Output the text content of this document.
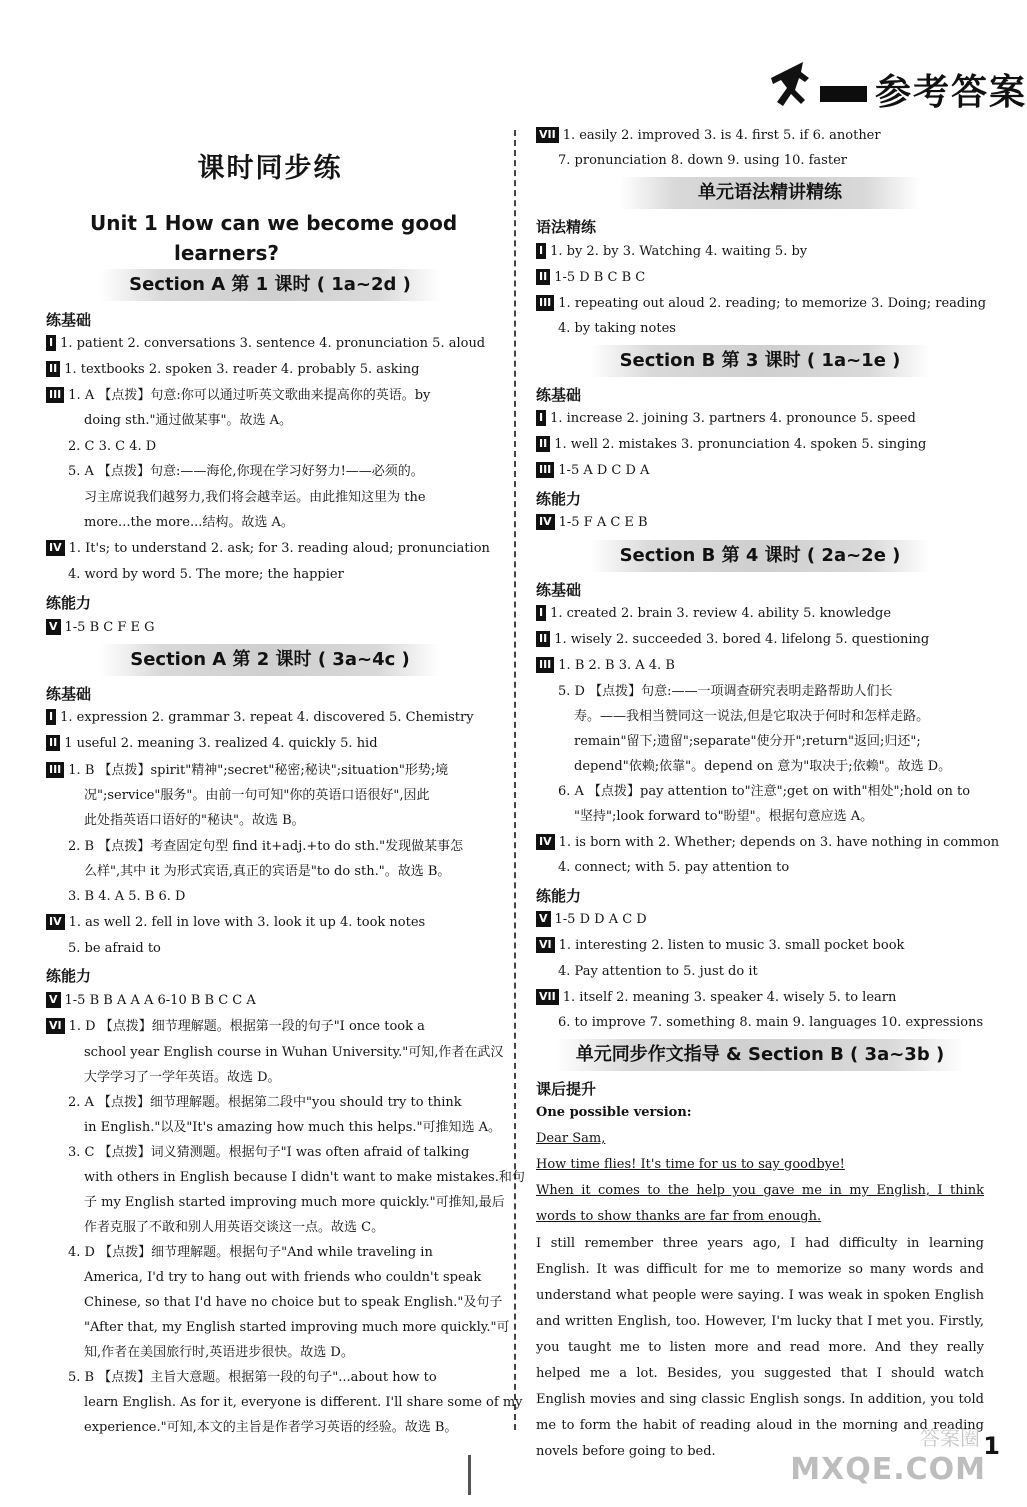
参考答案
课时同步练
Unit 1 How can we become good
learners?
Section A 第 1 课时 ( 1a~2d )
练基础
I 1. patient 2. conversations 3. sentence 4. pronunciation 5. aloud
II 1. textbooks 2. spoken 3. reader 4. probably 5. asking
III 1. A 【点拨】句意:你可以通过听英文歌曲来提高你的英语。by
doing sth."通过做某事"。故选 A。
2. C 3. C 4. D
5. A 【点拨】句意:——海伦,你现在学习好努力!——必须的。
习主席说我们越努力,我们将会越幸运。由此推知这里为 the
more...the more...结构。故选 A。
IV 1. It's; to understand 2. ask; for 3. reading aloud; pronunciation
4. word by word 5. The more; the happier
练能力
V 1-5 B C F E G
Section A 第 2 课时 ( 3a~4c )
练基础
I 1. expression 2. grammar 3. repeat 4. discovered 5. Chemistry
II 1 useful 2. meaning 3. realized 4. quickly 5. hid
III 1. B 【点拨】spirit"精神";secret"秘密;秘诀";situation"形势;境
况";service"服务"。由前一句可知"你的英语口语很好",因此
此处指英语口语好的"秘诀"。故选 B。
2. B 【点拨】考查固定句型 find it+adj.+to do sth."发现做某事怎
么样",其中 it 为形式宾语,真正的宾语是"to do sth."。故选 B。
3. B 4. A 5. B 6. D
IV 1. as well 2. fell in love with 3. look it up 4. took notes
5. be afraid to
练能力
V 1-5 B B A A A 6-10 B B C C A
VI 1. D 【点拨】细节理解题。根据第一段的句子"I once took a
school year English course in Wuhan University."可知,作者在武汉
大学学习了一学年英语。故选 D。
2. A 【点拨】细节理解题。根据第二段中"you should try to think
in English."以及"It's amazing how much this helps."可推知选 A。
3. C 【点拨】词义猜测题。根据句子"I was often afraid of talking
with others in English because I didn't want to make mistakes.和句
子 my English started improving much more quickly."可推知,最后
作者克服了不敢和别人用英语交谈这一点。故选 C。
4. D 【点拨】细节理解题。根据句子"And while traveling in
America, I'd try to hang out with friends who couldn't speak
Chinese, so that I'd have no choice but to speak English."及句子
"After that, my English started improving much more quickly."可
知,作者在美国旅行时,英语进步很快。故选 D。
5. B 【点拨】主旨大意题。根据第一段的句子"...about how to
learn English. As for it, everyone is different. I'll share some of my
experience."可知,本文的主旨是作者学习英语的经验。故选 B。
VII 1. easily 2. improved 3. is 4. first 5. if 6. another
7. pronunciation 8. down 9. using 10. faster
单元语法精讲精练
语法精练
I 1. by 2. by 3. Watching 4. waiting 5. by
II 1-5 D B C B C
III 1. repeating out aloud 2. reading; to memorize 3. Doing; reading
4. by taking notes
Section B 第 3 课时 ( 1a~1e )
练基础
I 1. increase 2. joining 3. partners 4. pronounce 5. speed
II 1. well 2. mistakes 3. pronunciation 4. spoken 5. singing
III 1-5 A D C D A
练能力
IV 1-5 F A C E B
Section B 第 4 课时 ( 2a~2e )
练基础
I 1. created 2. brain 3. review 4. ability 5. knowledge
II 1. wisely 2. succeeded 3. bored 4. lifelong 5. questioning
III 1. B 2. B 3. A 4. B
5. D 【点拨】句意:——一项调查研究表明走路帮助人们长
寿。——我相当赞同这一说法,但是它取决于何时和怎样走路。
remain"留下;遗留";separate"使分开";return"返回;归还";
depend"依赖;依靠"。depend on 意为"取决于;依赖"。故选 D。
6. A 【点拨】pay attention to"注意";get on with"相处";hold on to
"坚持";look forward to"盼望"。根据句意应选 A。
IV 1. is born with 2. Whether; depends on 3. have nothing in common
4. connect; with 5. pay attention to
练能力
V 1-5 D D A C D
VI 1. interesting 2. listen to music 3. small pocket book
4. Pay attention to 5. just do it
VII 1. itself 2. meaning 3. speaker 4. wisely 5. to learn
6. to improve 7. something 8. main 9. languages 10. expressions
单元同步作文指导 & Section B ( 3a~3b )
课后提升
One possible version:
Dear Sam,
How time flies! It's time for us to say goodbye!
When it comes to the help you gave me in my English, I think words to show thanks are far from enough.
I still remember three years ago, I had difficulty in learning English. It was difficult for me to memorize so many words and understand what people were saying. I was weak in spoken English and written English, too. However, I'm lucky that I met you. Firstly, you taught me to listen more and read more. And they really helped me a lot. Besides, you suggested that I should watch English movies and sing classic English songs. In addition, you told me to form the habit of reading aloud in the morning and reading novels before going to bed.	1
答案圈
MXQE.COM
